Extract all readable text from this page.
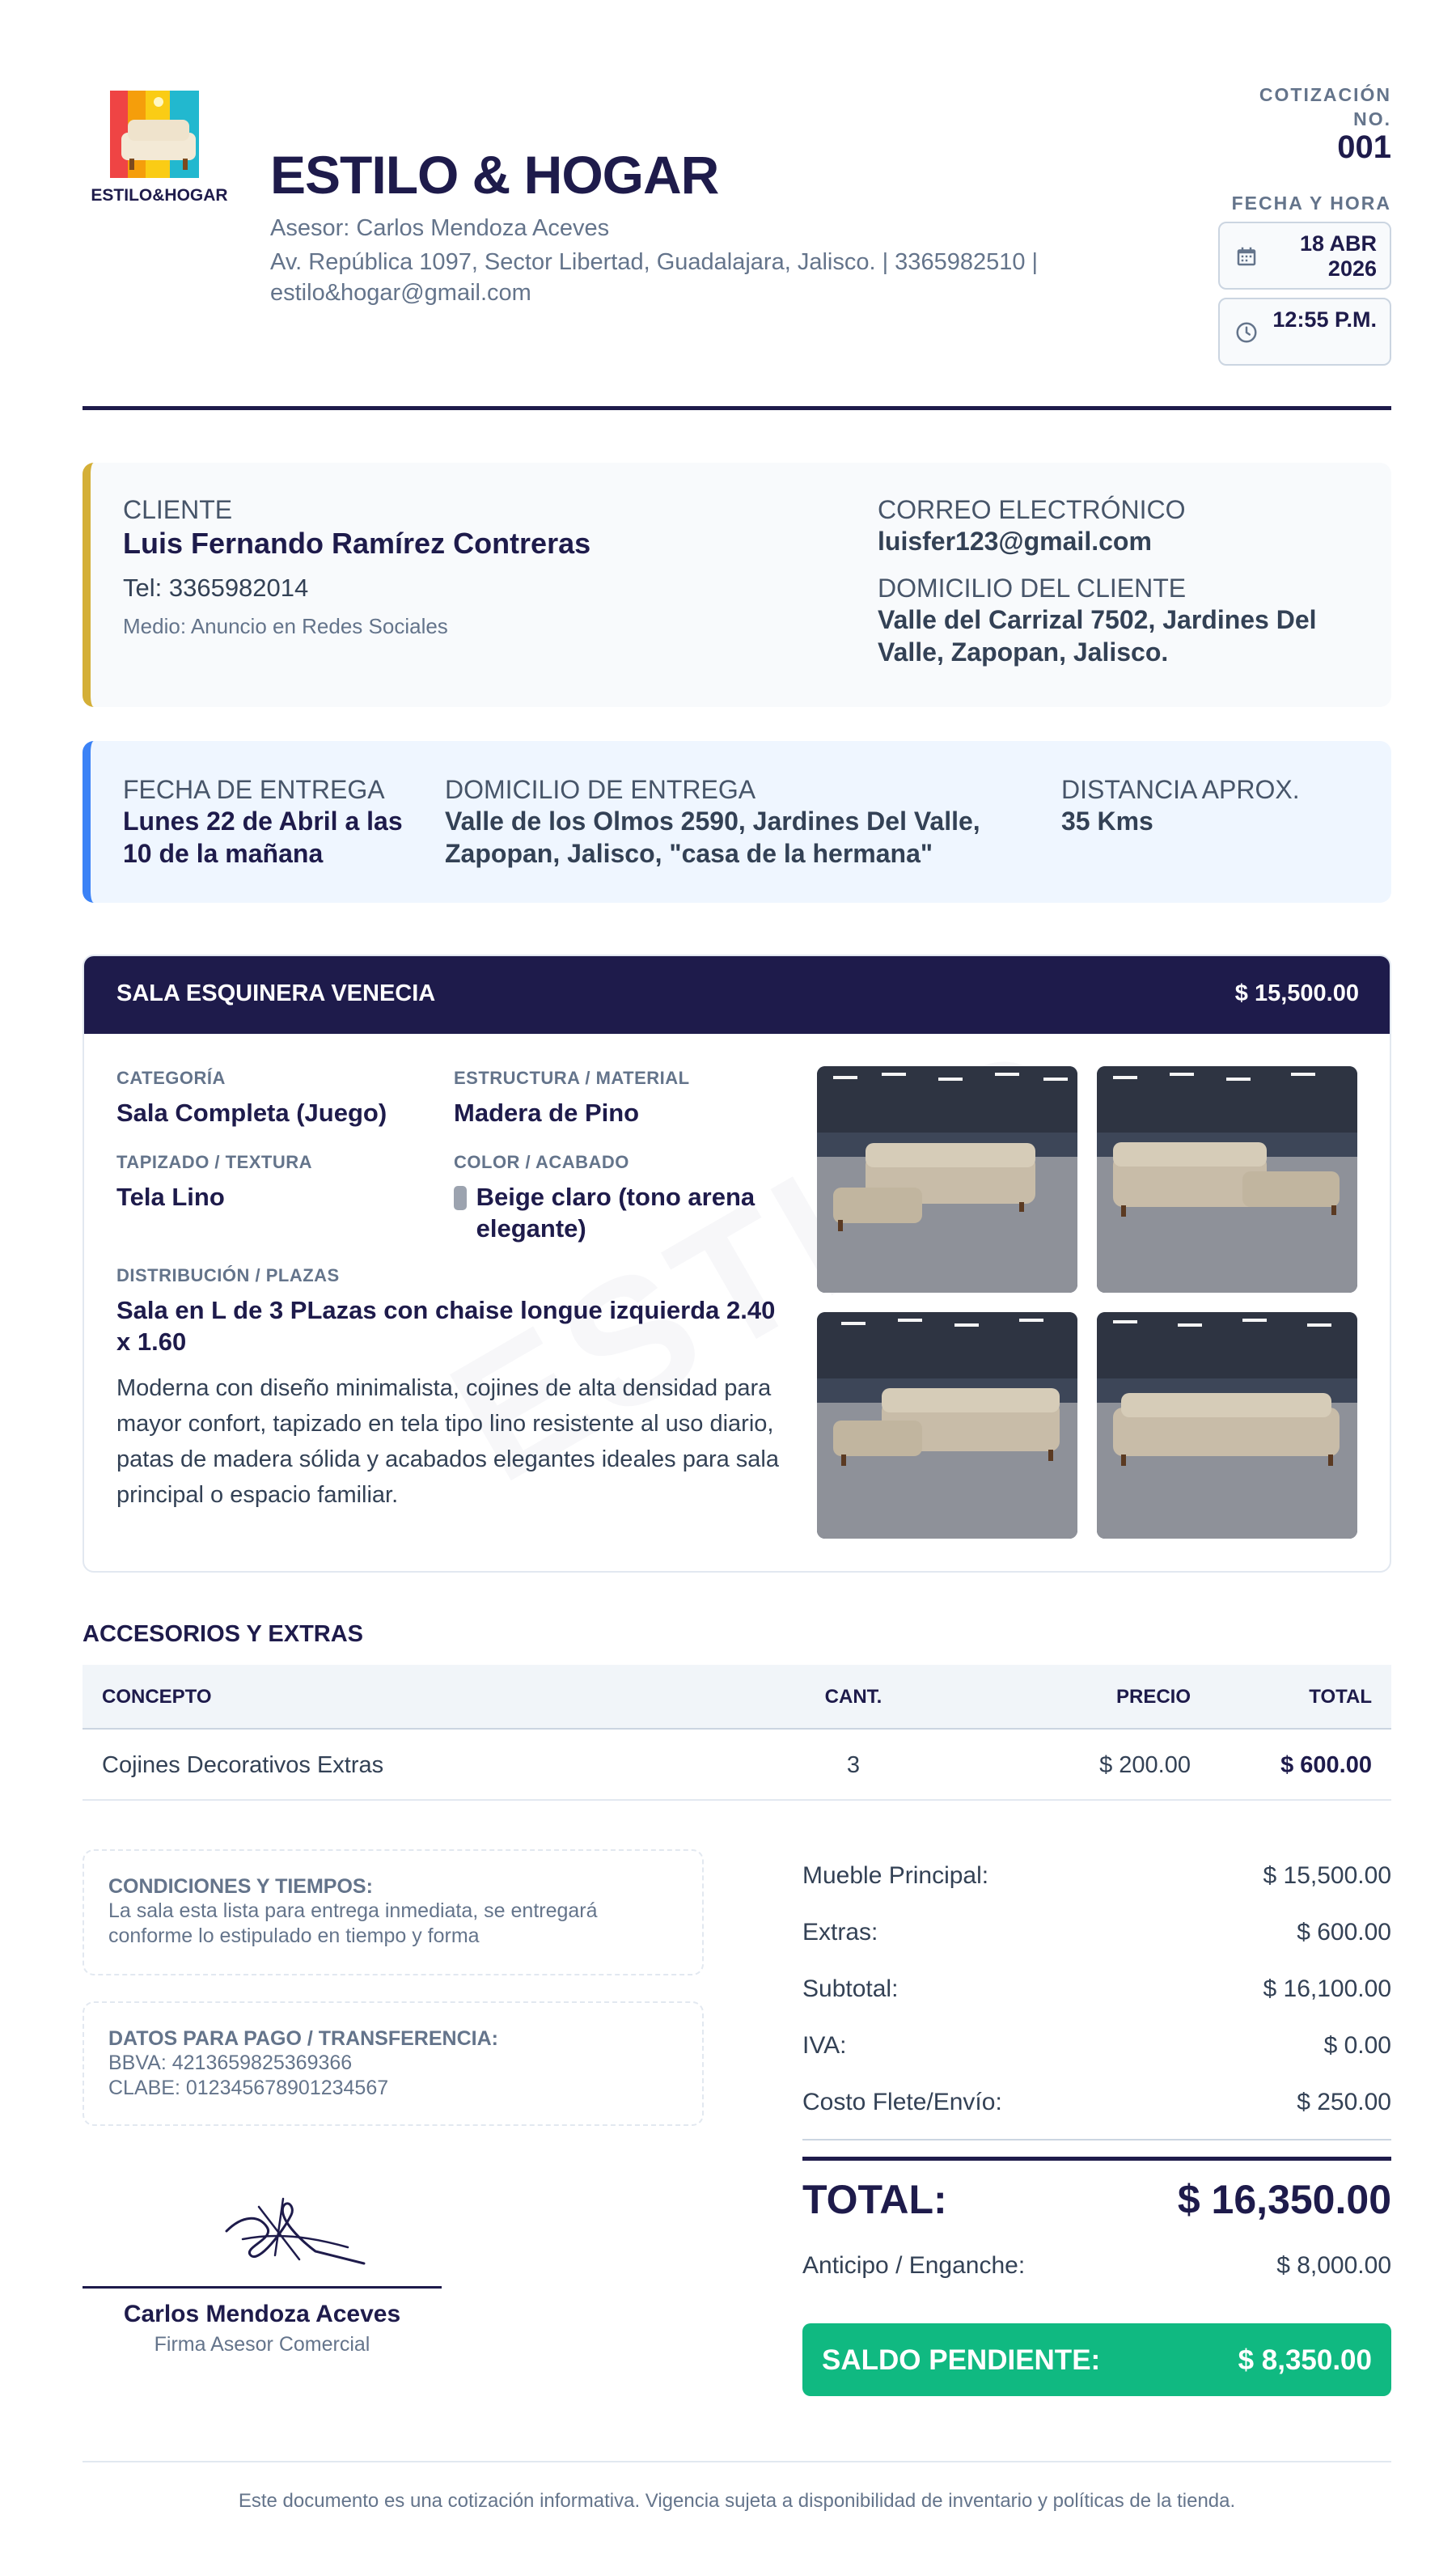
ESTILO&HOGAR ESTILO & HOGAR
Asesor: Carlos Mendoza Aceves
Av. República 1097, Sector Libertad, Guadalajara, Jalisco. | 3365982510 |
estilo&hogar@gmail.com
COTIZACIÓN NO.
001
FECHA Y HORA
18 ABR 2026
12:55 P.M.
CLIENTE
Luis Fernando Ramírez Contreras
Tel: 3365982014
Medio: Anuncio en Redes Sociales
CORREO ELECTRÓNICO
luisfer123@gmail.com
DOMICILIO DEL CLIENTE
Valle del Carrizal 7502, Jardines Del Valle, Zapopan, Jalisco.
FECHA DE ENTREGA
Lunes 22 de Abril a las 10 de la mañana
DOMICILIO DE ENTREGA
Valle de los Olmos 2590, Jardines Del Valle, Zapopan, Jalisco, "casa de la hermana"
DISTANCIA APROX.
35 Kms
SALA ESQUINERA VENECIA	$ 15,500.00
CATEGORÍA
Sala Completa (Juego)
ESTRUCTURA / MATERIAL
Madera de Pino
TAPIZADO / TEXTURA
Tela Lino
COLOR / ACABADO
Beige claro (tono arena elegante)
DISTRIBUCIÓN / PLAZAS
Sala en L de 3 PLazas con chaise longue izquierda 2.40 x 1.60
Moderna con diseño minimalista, cojines de alta densidad para mayor confort, tapizado en tela tipo lino resistente al uso diario, patas de madera sólida y acabados elegantes ideales para sala principal o espacio familiar.
ACCESORIOS Y EXTRAS
CONCEPTO	CANT.	PRECIO	TOTAL
Cojines Decorativos Extras	3	$ 200.00	$ 600.00
CONDICIONES Y TIEMPOS:
La sala esta lista para entrega inmediata, se entregará conforme lo estipulado en tiempo y forma
DATOS PARA PAGO / TRANSFERENCIA:
BBVA: 4213659825369366
CLABE: 012345678901234567
Carlos Mendoza Aceves
Firma Asesor Comercial
Mueble Principal:	$ 15,500.00
Extras:	$ 600.00
Subtotal:	$ 16,100.00
IVA:	$ 0.00
Costo Flete/Envío:	$ 250.00
TOTAL:	$ 16,350.00
Anticipo / Enganche:	$ 8,000.00
SALDO PENDIENTE:	$ 8,350.00
Este documento es una cotización informativa. Vigencia sujeta a disponibilidad de inventario y políticas de la tienda.
